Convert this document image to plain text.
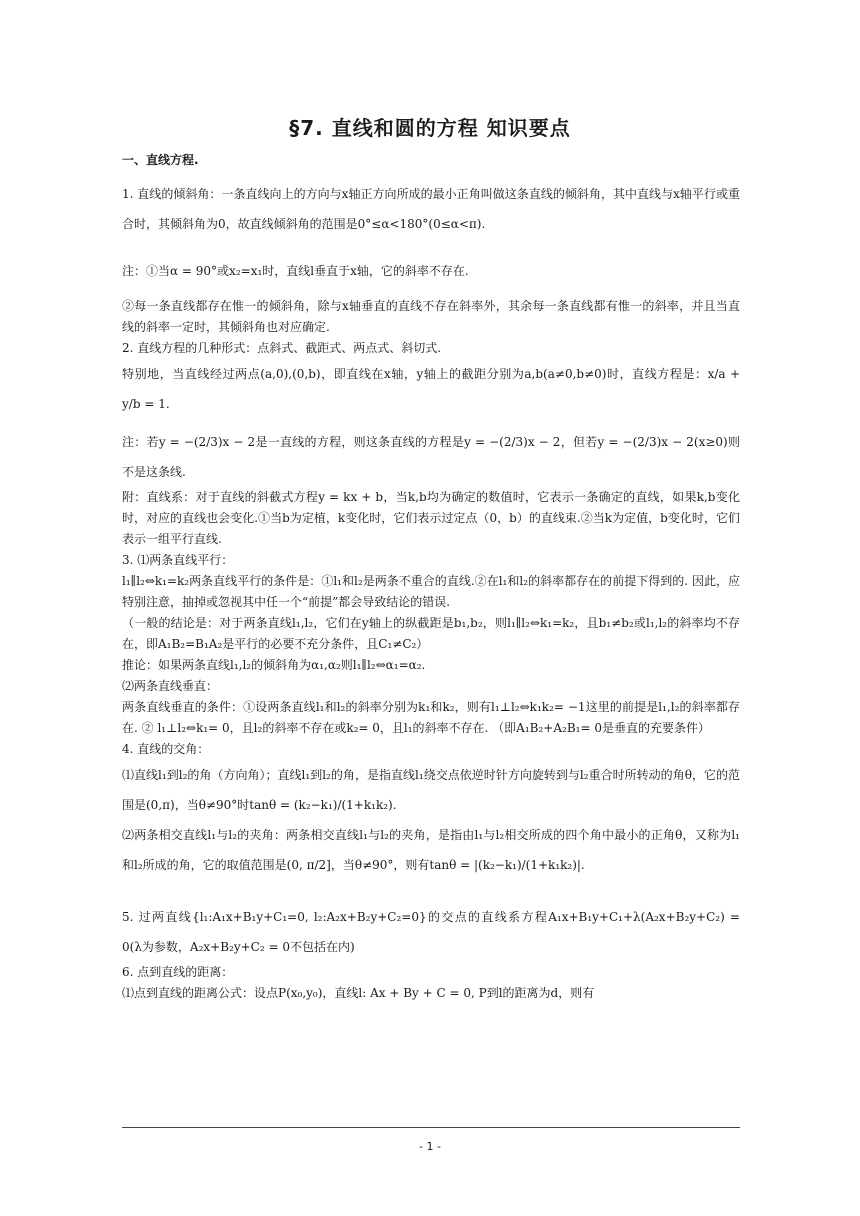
§7. 直线和圆的方程 知识要点

一、直线方程.

1. 直线的倾斜角：一条直线向上的方向与x轴正方向所成的最小正角叫做这条直线的倾斜角，其中直线与x轴平行或重合时，其倾斜角为0，故直线倾斜角的范围是0°≤α<180°(0≤α<π).

注：①当α = 90°或x₂=x₁时，直线l垂直于x轴，它的斜率不存在.

②每一条直线都存在惟一的倾斜角，除与x轴垂直的直线不存在斜率外，其余每一条直线都有惟一的斜率，并且当直线的斜率一定时，其倾斜角也对应确定.

2. 直线方程的几种形式：点斜式、截距式、两点式、斜切式.

特别地，当直线经过两点(a,0),(0,b)，即直线在x轴，y轴上的截距分别为a,b(a≠0,b≠0)时，直线方程是：x/a + y/b = 1.

注：若y = −(2/3)x − 2是一直线的方程，则这条直线的方程是y = −(2/3)x − 2，但若y = −(2/3)x − 2(x≥0)则不是这条线.

附：直线系：对于直线的斜截式方程y = kx + b，当k,b均为确定的数值时，它表示一条确定的直线，如果k,b变化时，对应的直线也会变化.①当b为定植，k变化时，它们表示过定点（0，b）的直线束.②当k为定值，b变化时，它们表示一组平行直线.

3. ⑴两条直线平行：

l₁∥l₂⇔k₁=k₂两条直线平行的条件是：①l₁和l₂是两条不重合的直线.②在l₁和l₂的斜率都存在的前提下得到的. 因此，应特别注意，抽掉或忽视其中任一个“前提”都会导致结论的错误.

（一般的结论是：对于两条直线l₁,l₂，它们在y轴上的纵截距是b₁,b₂，则l₁∥l₂⇔k₁=k₂，且b₁≠b₂或l₁,l₂的斜率均不存在，即A₁B₂=B₁A₂是平行的必要不充分条件，且C₁≠C₂）

推论：如果两条直线l₁,l₂的倾斜角为α₁,α₂则l₁∥l₂⇔α₁=α₂.

⑵两条直线垂直：

两条直线垂直的条件：①设两条直线l₁和l₂的斜率分别为k₁和k₂，则有l₁⊥l₂⇔k₁k₂= −1这里的前提是l₁,l₂的斜率都存在. ② l₁⊥l₂⇔k₁= 0，且l₂的斜率不存在或k₂= 0，且l₁的斜率不存在. （即A₁B₂+A₂B₁= 0是垂直的充要条件）

4. 直线的交角：

⑴直线l₁到l₂的角（方向角）；直线l₁到l₂的角，是指直线l₁绕交点依逆时针方向旋转到与l₂重合时所转动的角θ，它的范围是(0,π)，当θ≠90°时tanθ = (k₂−k₁)/(1+k₁k₂).

⑵两条相交直线l₁与l₂的夹角：两条相交直线l₁与l₂的夹角，是指由l₁与l₂相交所成的四个角中最小的正角θ，又称为l₁和l₂所成的角，它的取值范围是(0, π/2]，当θ≠90°，则有tanθ = |(k₂−k₁)/(1+k₁k₂)|.

5. 过两直线{l₁:A₁x+B₁y+C₁=0, l₂:A₂x+B₂y+C₂=0}的交点的直线系方程A₁x+B₁y+C₁+λ(A₂x+B₂y+C₂) = 0(λ为参数，A₂x+B₂y+C₂ = 0不包括在内)

6. 点到直线的距离：

⑴点到直线的距离公式：设点P(x₀,y₀)，直线l: Ax + By + C = 0, P到l的距离为d，则有

- 1 -
